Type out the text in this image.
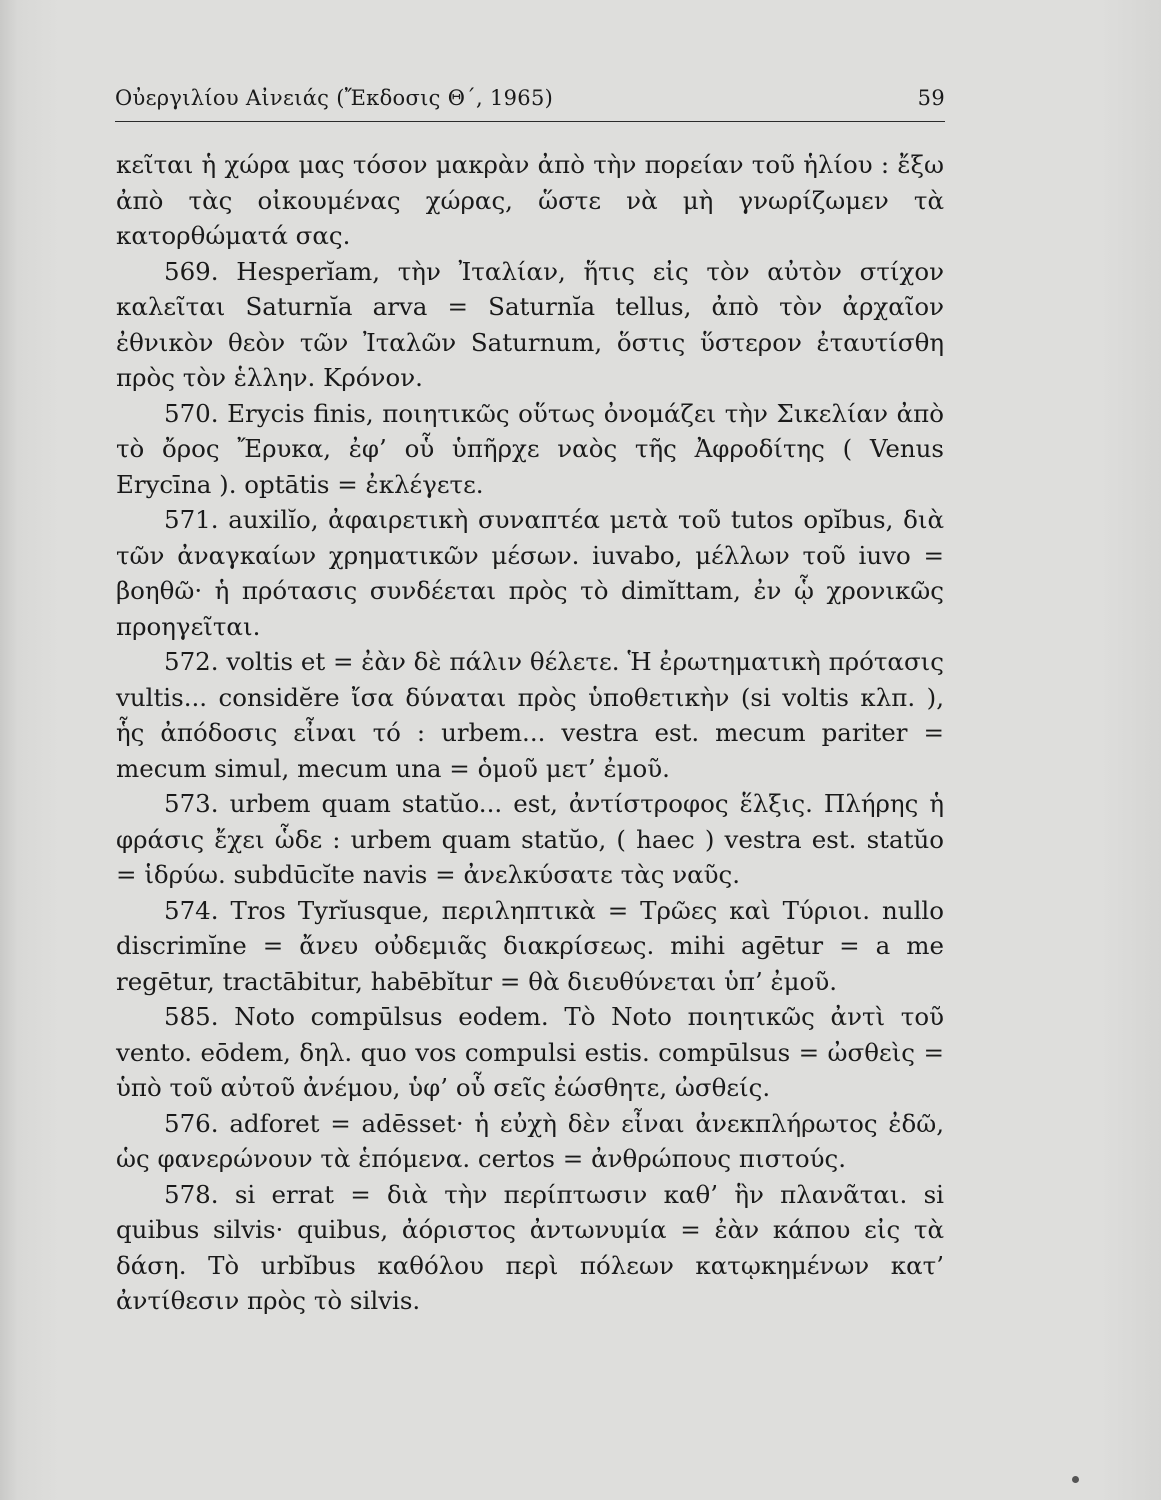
Οὐεργιλίου Αἰνειάς (Ἔκδοσις Θ΄, 1965)	59

κεῖται ἡ χώρα μας τόσον μακρὰν ἀπὸ τὴν πορείαν τοῦ ἡλίου : ἔξω ἀπὸ τὰς οἰκουμένας χώρας, ὥστε νὰ μὴ γνωρίζωμεν τὰ κατορθώματά σας.

569. Hesperĭam, τὴν Ἰταλίαν, ἥτις εἰς τὸν αὐτὸν στίχον καλεῖται Saturnĭa arva = Saturnĭa tellus, ἀπὸ τὸν ἀρχαῖον ἐθνικὸν θεὸν τῶν Ἰταλῶν Saturnum, ὅστις ὕστερον ἐταυτίσθη πρὸς τὸν ἑλλην. Κρόνον.

570. Erycis finis, ποιητικῶς οὕτως ὀνομάζει τὴν Σικελίαν ἀπὸ τὸ ὄρος Ἔρυκα, ἐφ’ οὗ ὑπῆρχε ναὸς τῆς Ἀφροδίτης ( Venus Erycīna ). optātis = ἐκλέγετε.

571. auxilĭo, ἀφαιρετικὴ συναπτέα μετὰ τοῦ tutos opĭbus, διὰ τῶν ἀναγκαίων χρηματικῶν μέσων. iuvabo, μέλλων τοῦ iuvo = βοηθῶ· ἡ πρότασις συνδέεται πρὸς τὸ dimĭttam, ἐν ᾧ χρονικῶς προηγεῖται.

572. voltis et = ἐὰν δὲ πάλιν θέλετε. Ἡ ἐρωτηματικὴ πρότασις vultis... considĕre ἴσα δύναται πρὸς ὑποθετικὴν (si voltis κλπ. ), ἧς ἀπόδοσις εἶναι τό : urbem... vestra est. mecum pariter = mecum simul, mecum una = ὁμοῦ μετ’ ἐμοῦ.

573. urbem quam statŭo... est, ἀντίστροφος ἕλξις. Πλήρης ἡ φράσις ἔχει ὧδε : urbem quam statŭo, ( haec ) vestra est. statŭo = ἱδρύω. subdūcĭte navis = ἀνελκύσατε τὰς ναῦς.

574. Tros Tyrĭusque, περιληπτικὰ = Τρῶες καὶ Τύριοι. nullo discrimĭne = ἄνευ οὐδεμιᾶς διακρίσεως. mihi agētur = a me regētur, tractābitur, habēbĭtur = θὰ διευθύνεται ὑπ’ ἐμοῦ.

585. Noto compūlsus eodem. Τὸ Noto ποιητικῶς ἀντὶ τοῦ vento. eōdem, δηλ. quo vos compulsi estis. compūlsus = ὠσθεὶς = ὑπὸ τοῦ αὐτοῦ ἀνέμου, ὑφ’ οὗ σεῖς ἐώσθητε, ὠσθείς.

576. adforet = adēsset· ἡ εὐχὴ δὲν εἶναι ἀνεκπλήρωτος ἐδῶ, ὡς φανερώνουν τὰ ἑπόμενα. certos = ἀνθρώπους πιστούς.

578. si errat = διὰ τὴν περίπτωσιν καθ’ ἣν πλανᾶται. si quibus silvis· quibus, ἀόριστος ἀντωνυμία = ἐὰν κάπου εἰς τὰ δάση. Τὸ urbĭbus καθόλου περὶ πόλεων κατῳκημένων κατ’ ἀντίθεσιν πρὸς τὸ silvis.
